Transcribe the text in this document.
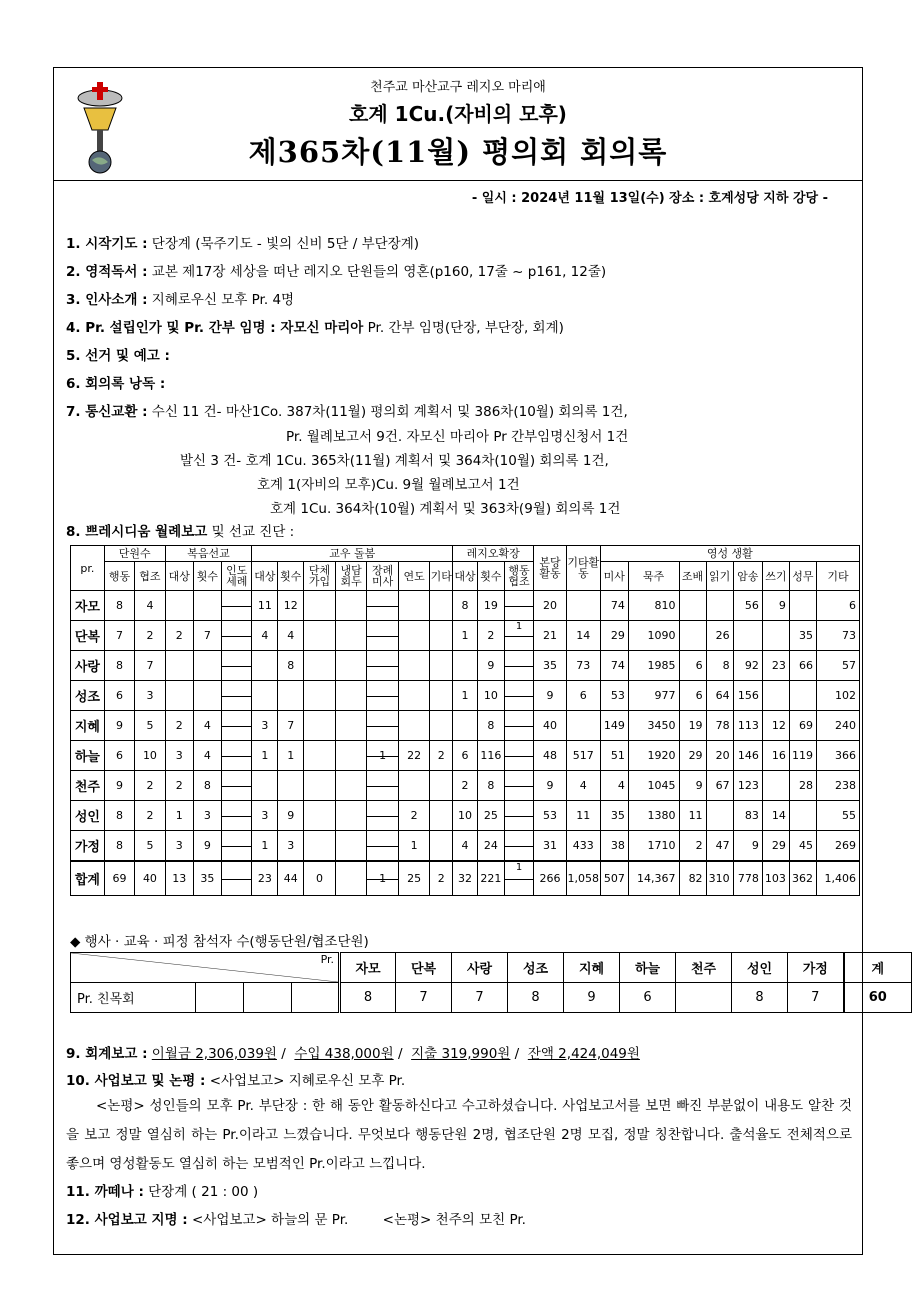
천주교 마산교구 레지오 마리애
호계 1Cu.(자비의 모후)
제365차(11월) 평의회 회의록
- 일시 : 2024년 11월 13일(수) 장소 : 호계성당 지하 강당 -
1. 시작기도 : 단장계 (묵주기도 - 빛의 신비 5단 / 부단장계)
2. 영적독서 : 교본 제17장 세상을 떠난 레지오 단원들의 영혼(p160, 17줄 ~ p161, 12줄)
3. 인사소개 : 지혜로우신 모후 Pr. 4명
4. Pr. 설립인가 및 Pr. 간부 임명 : 자모신 마리아 Pr. 간부 임명(단장, 부단장, 회계)
5. 선거 및 예고 :
6. 회의록 낭독 :
7. 통신교환 : 수신 11 건- 마산1Co. 387차(11월) 평의회 계획서 및 386차(10월) 회의록 1건,
Pr. 월례보고서 9건. 자모신 마리아 Pr 간부임명신청서 1건
발신 3 건- 호계 1Cu. 365차(11월) 계획서 및 364차(10월) 회의록 1건,
호계 1(자비의 모후)Cu. 9월 월례보고서 1건
호계 1Cu. 364차(10월) 계획서 및 363차(9월) 회의록 1건
8. 쁘레시디움 월례보고 및 선교 진단 :
pr.	단원수		복음선교			교우 돌봄							레지오확장			본당활동	기타활동	영성 생활							
	행동	협조	대상	횟수	인도세례	대상	횟수	단체가입	냉담회두	장례미사	연도	기타	대상	횟수	행동협조			미사	묵주	조배	읽기	암송	쓰기	성무	기타
자모	8	4				11	12						8	19		20		74	810			56	9		6
단복	7	2	2	7		4	4						1	2	1	21	14	29	1090		26			35	73
사랑	8	7					8							9		35	73	74	1985	6	8	92	23	66	57
성조	6	3											1	10		9	6	53	977	6	64	156			102
지혜	9	5	2	4		3	7							8		40		149	3450	19	78	113	12	69	240
하늘	6	10	3	4		1	1			1	22	2	6	116		48	517	51	1920	29	20	146	16	119	366
천주	9	2	2	8									2	8		9	4	4	1045	9	67	123		28	238
성인	8	2	1	3		3	9				2		10	25		53	11	35	1380	11		83	14		55
가정	8	5	3	9		1	3				1		4	24		31	433	38	1710	2	47	9	29	45	269
합계	69	40	13	35		23	44	0		1	25	2	32	221	1	266	1,058	507	14,367	82	310	778	103	362	1,406
◆ 행사 · 교육 · 피정 참석자 수(행동단원/협조단원)
Pr.				자모	단복	사랑	성조	지혜	하늘	천주	성인	가정	계
Pr. 친목회				8	7	7	8	9	6		8	7	60
9. 회계보고 : 이월금 2,306,039원 / 수입 438,000원 / 지출 319,990원 / 잔액 2,424,049원
10. 사업보고 및 논평 : <사업보고> 지혜로우신 모후 Pr.
<논평> 성인들의 모후 Pr. 부단장 : 한 해 동안 활동하신다고 수고하셨습니다. 사업보고서를 보면 빠진 부분없이 내용도 알찬 것을 보고 정말 열심히 하는 Pr.이라고 느꼈습니다. 무엇보다 행동단원 2명, 협조단원 2명 모집, 정말 칭찬합니다. 출석율도 전체적으로 좋으며 영성활동도 열심히 하는 모범적인 Pr.이라고 느낍니다.
11. 까떼나 : 단장계 ( 21 : 00 )
12. 사업보고 지명 : <사업보고> 하늘의 문 Pr.	<논평> 천주의 모친 Pr.
